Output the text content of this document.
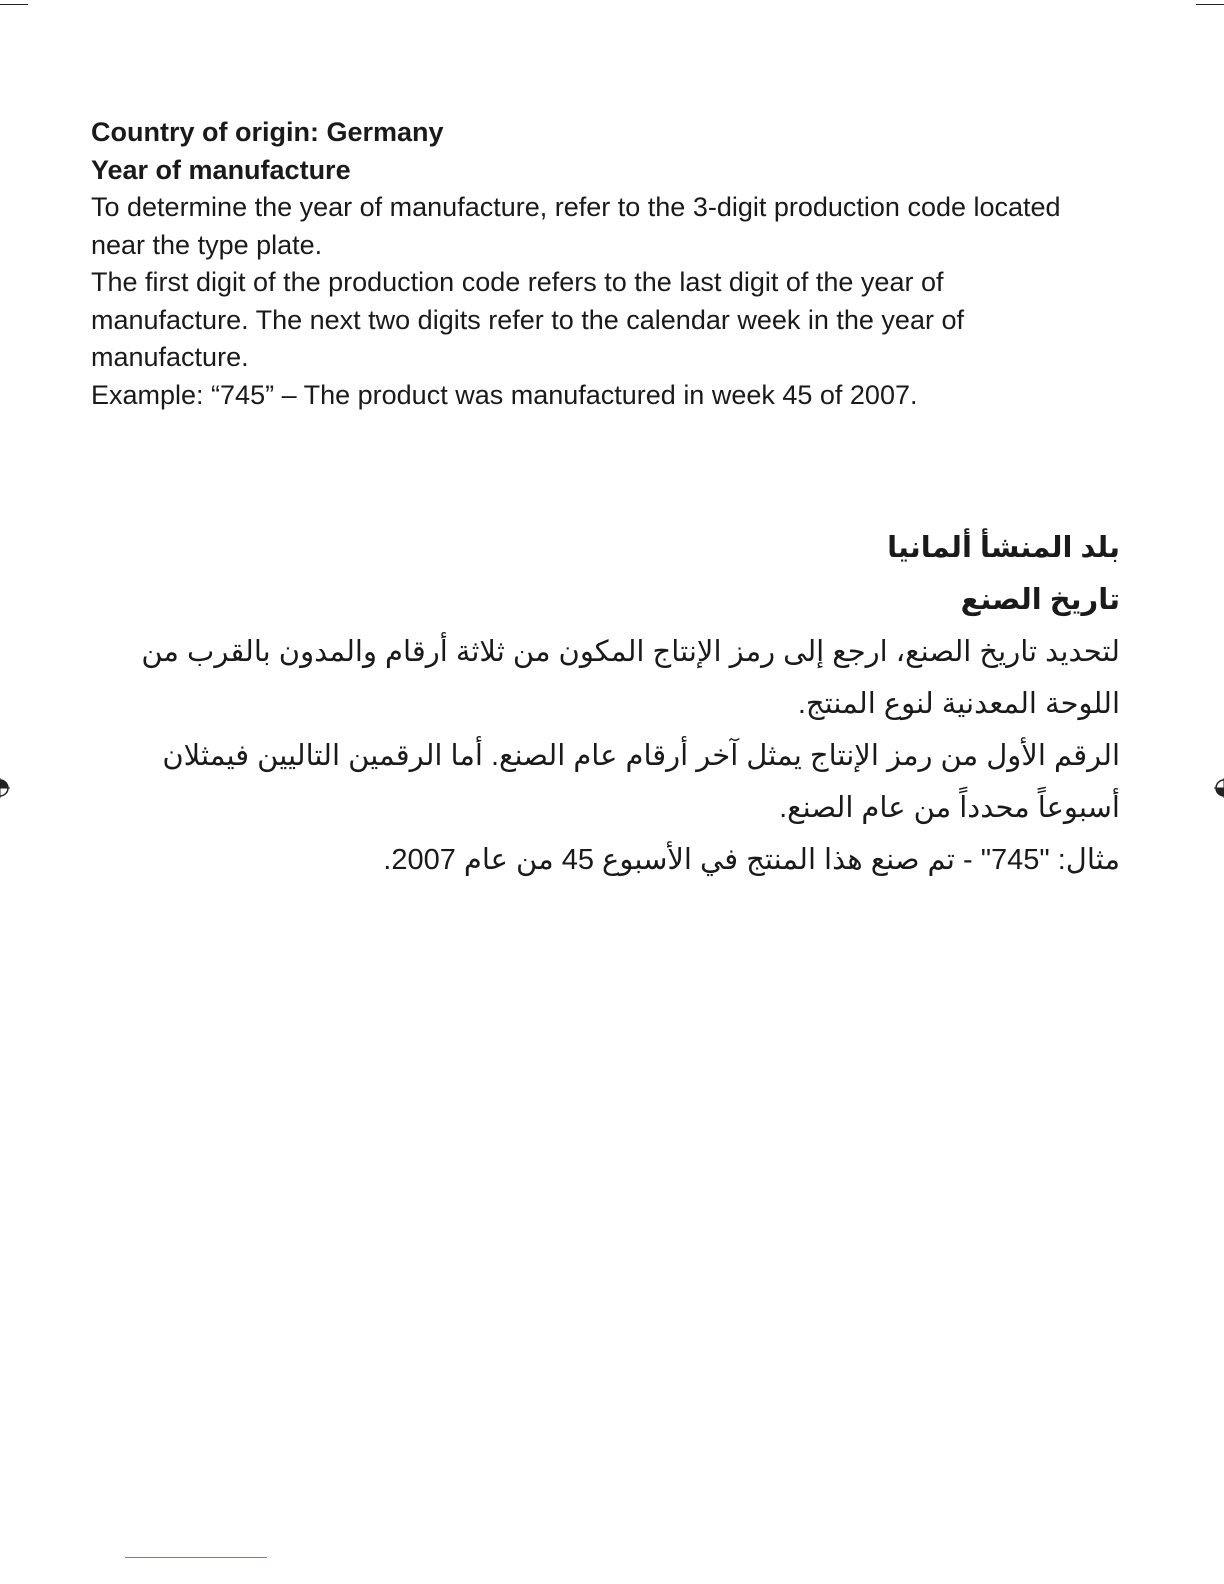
Country of origin: Germany

Year of manufacture

To determine the year of manufacture, refer to the 3-digit production code located near the type plate.

The first digit of the production code refers to the last digit of the year of manufacture. The next two digits refer to the calendar week in the year of manufacture.

Example: “745” – The product was manufactured in week 45 of 2007.

بلد المنشأ ألمانيا

تاريخ الصنع

لتحديد تاريخ الصنع، ارجع إلى رمز الإنتاج المكون من ثلاثة أرقام والمدون بالقرب من اللوحة المعدنية لنوع المنتج.

الرقم الأول من رمز الإنتاج يمثل آخر أرقام عام الصنع. أما الرقمين التاليين فيمثلان أسبوعاً محدداً من عام الصنع.

مثال: "745" - تم صنع هذا المنتج في الأسبوع 45 من عام 2007.
